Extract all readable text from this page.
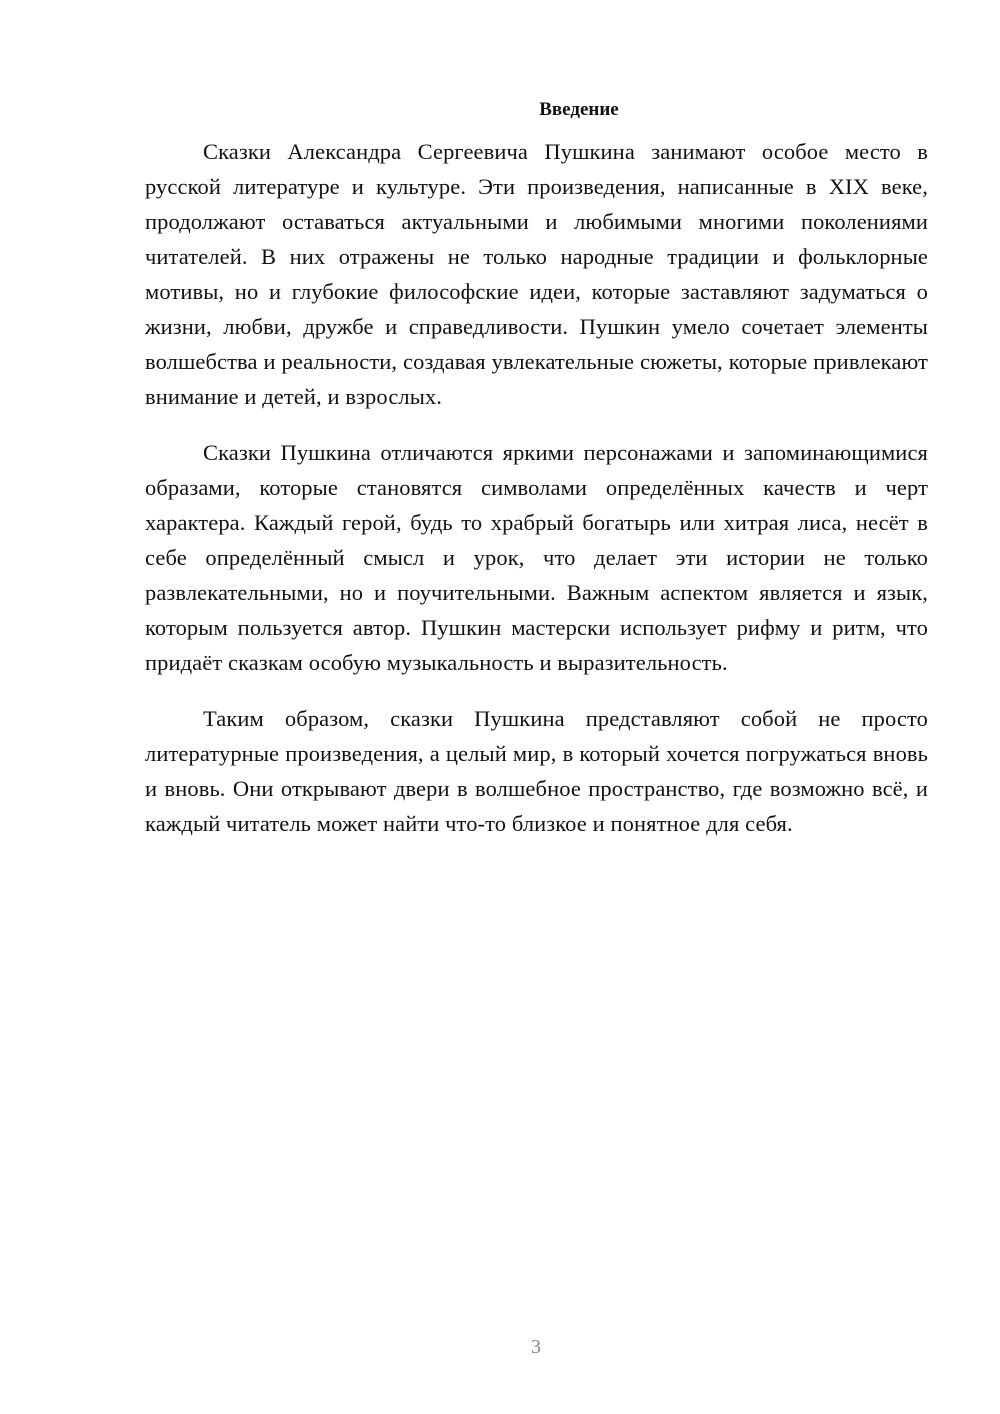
Введение

Сказки Александра Сергеевича Пушкина занимают особое место в русской литературе и культуре. Эти произведения, написанные в XIX веке, продолжают оставаться актуальными и любимыми многими поколениями читателей. В них отражены не только народные традиции и фольклорные мотивы, но и глубокие философские идеи, которые заставляют задуматься о жизни, любви, дружбе и справедливости. Пушкин умело сочетает элементы волшебства и реальности, создавая увлекательные сюжеты, которые привлекают внимание и детей, и взрослых.

Сказки Пушкина отличаются яркими персонажами и запоминающимися образами, которые становятся символами определённых качеств и черт характера. Каждый герой, будь то храбрый богатырь или хитрая лиса, несёт в себе определённый смысл и урок, что делает эти истории не только развлекательными, но и поучительными. Важным аспектом является и язык, которым пользуется автор. Пушкин мастерски использует рифму и ритм, что придаёт сказкам особую музыкальность и выразительность.

Таким образом, сказки Пушкина представляют собой не просто литературные произведения, а целый мир, в который хочется погружаться вновь и вновь. Они открывают двери в волшебное пространство, где возможно всё, и каждый читатель может найти что-то близкое и понятное для себя.

3
